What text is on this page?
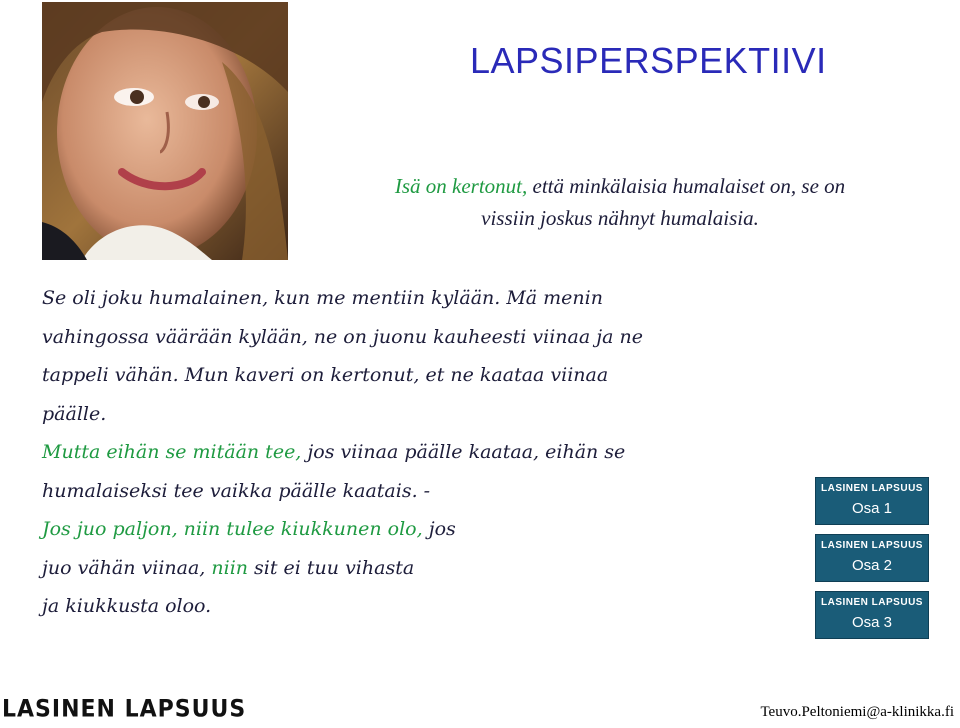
LAPSIPERSPEKTIIVI
Isä on kertonut, että minkälaisia humalaiset on, se on
vissiin joskus nähnyt humalaisia.
Se oli joku humalainen, kun me mentiin kylään. Mä menin
vahingossa väärään kylään, ne on juonu kauheesti viinaa ja ne
tappeli vähän. Mun kaveri on kertonut, et ne kaataa viinaa
päälle.
Mutta eihän se mitään tee, jos viinaa päälle kaataa, eihän se
humalaiseksi tee vaikka päälle kaatais. -
Jos juo paljon, niin tulee kiukkunen olo, jos
juo vähän viinaa, niin sit ei tuu vihasta
ja kiukkusta oloo.
LASINEN LAPSUUS
Osa 1
LASINEN LAPSUUS
Osa 2
LASINEN LAPSUUS
Osa 3
LASINEN LAPSUUS	Teuvo.Peltoniemi@a-klinikka.fi
